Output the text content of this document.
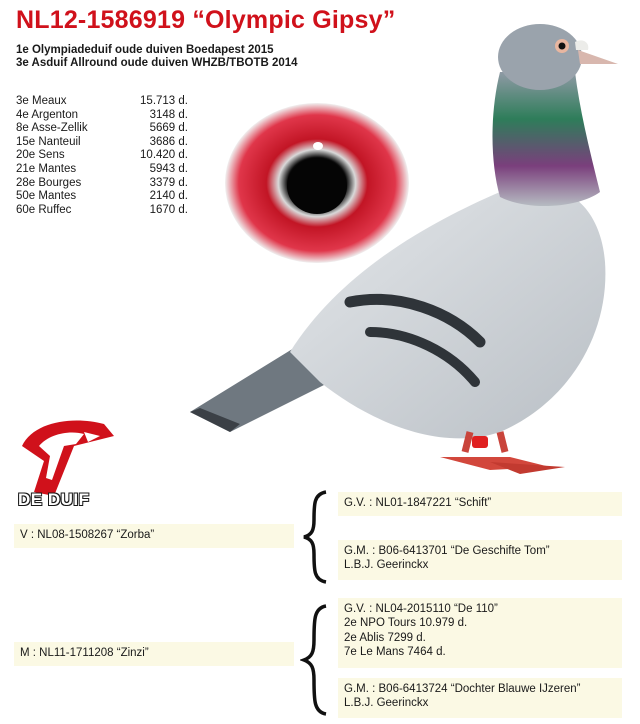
NL12-1586919 “Olympic Gipsy”
1e Olympiadeduif oude duiven Boedapest 2015
3e Asduif Allround oude duiven WHZB/TBOTB 2014
3e Meaux	15.713 d.
4e Argenton	3148 d.
8e Asse-Zellik	5669 d.
15e Nanteuil	3686 d.
20e Sens	10.420 d.
21e Mantes	5943 d.
28e Bourges	3379 d.
50e Mantes	2140 d.
60e Ruffec	1670 d.
DE DUIF
V : NL08-1508267 “Zorba”
M : NL11-1711208 “Zinzi”
G.V. : NL01-1847221 “Schift”
G.M. : B06-6413701 “De Geschifte Tom”
L.B.J. Geerinckx
G.V. : NL04-2015110 “De 110”
2e NPO Tours 10.979 d.
2e Ablis 7299 d.
7e Le Mans 7464 d.
G.M. : B06-6413724 “Dochter Blauwe IJzeren”
L.B.J. Geerinckx
